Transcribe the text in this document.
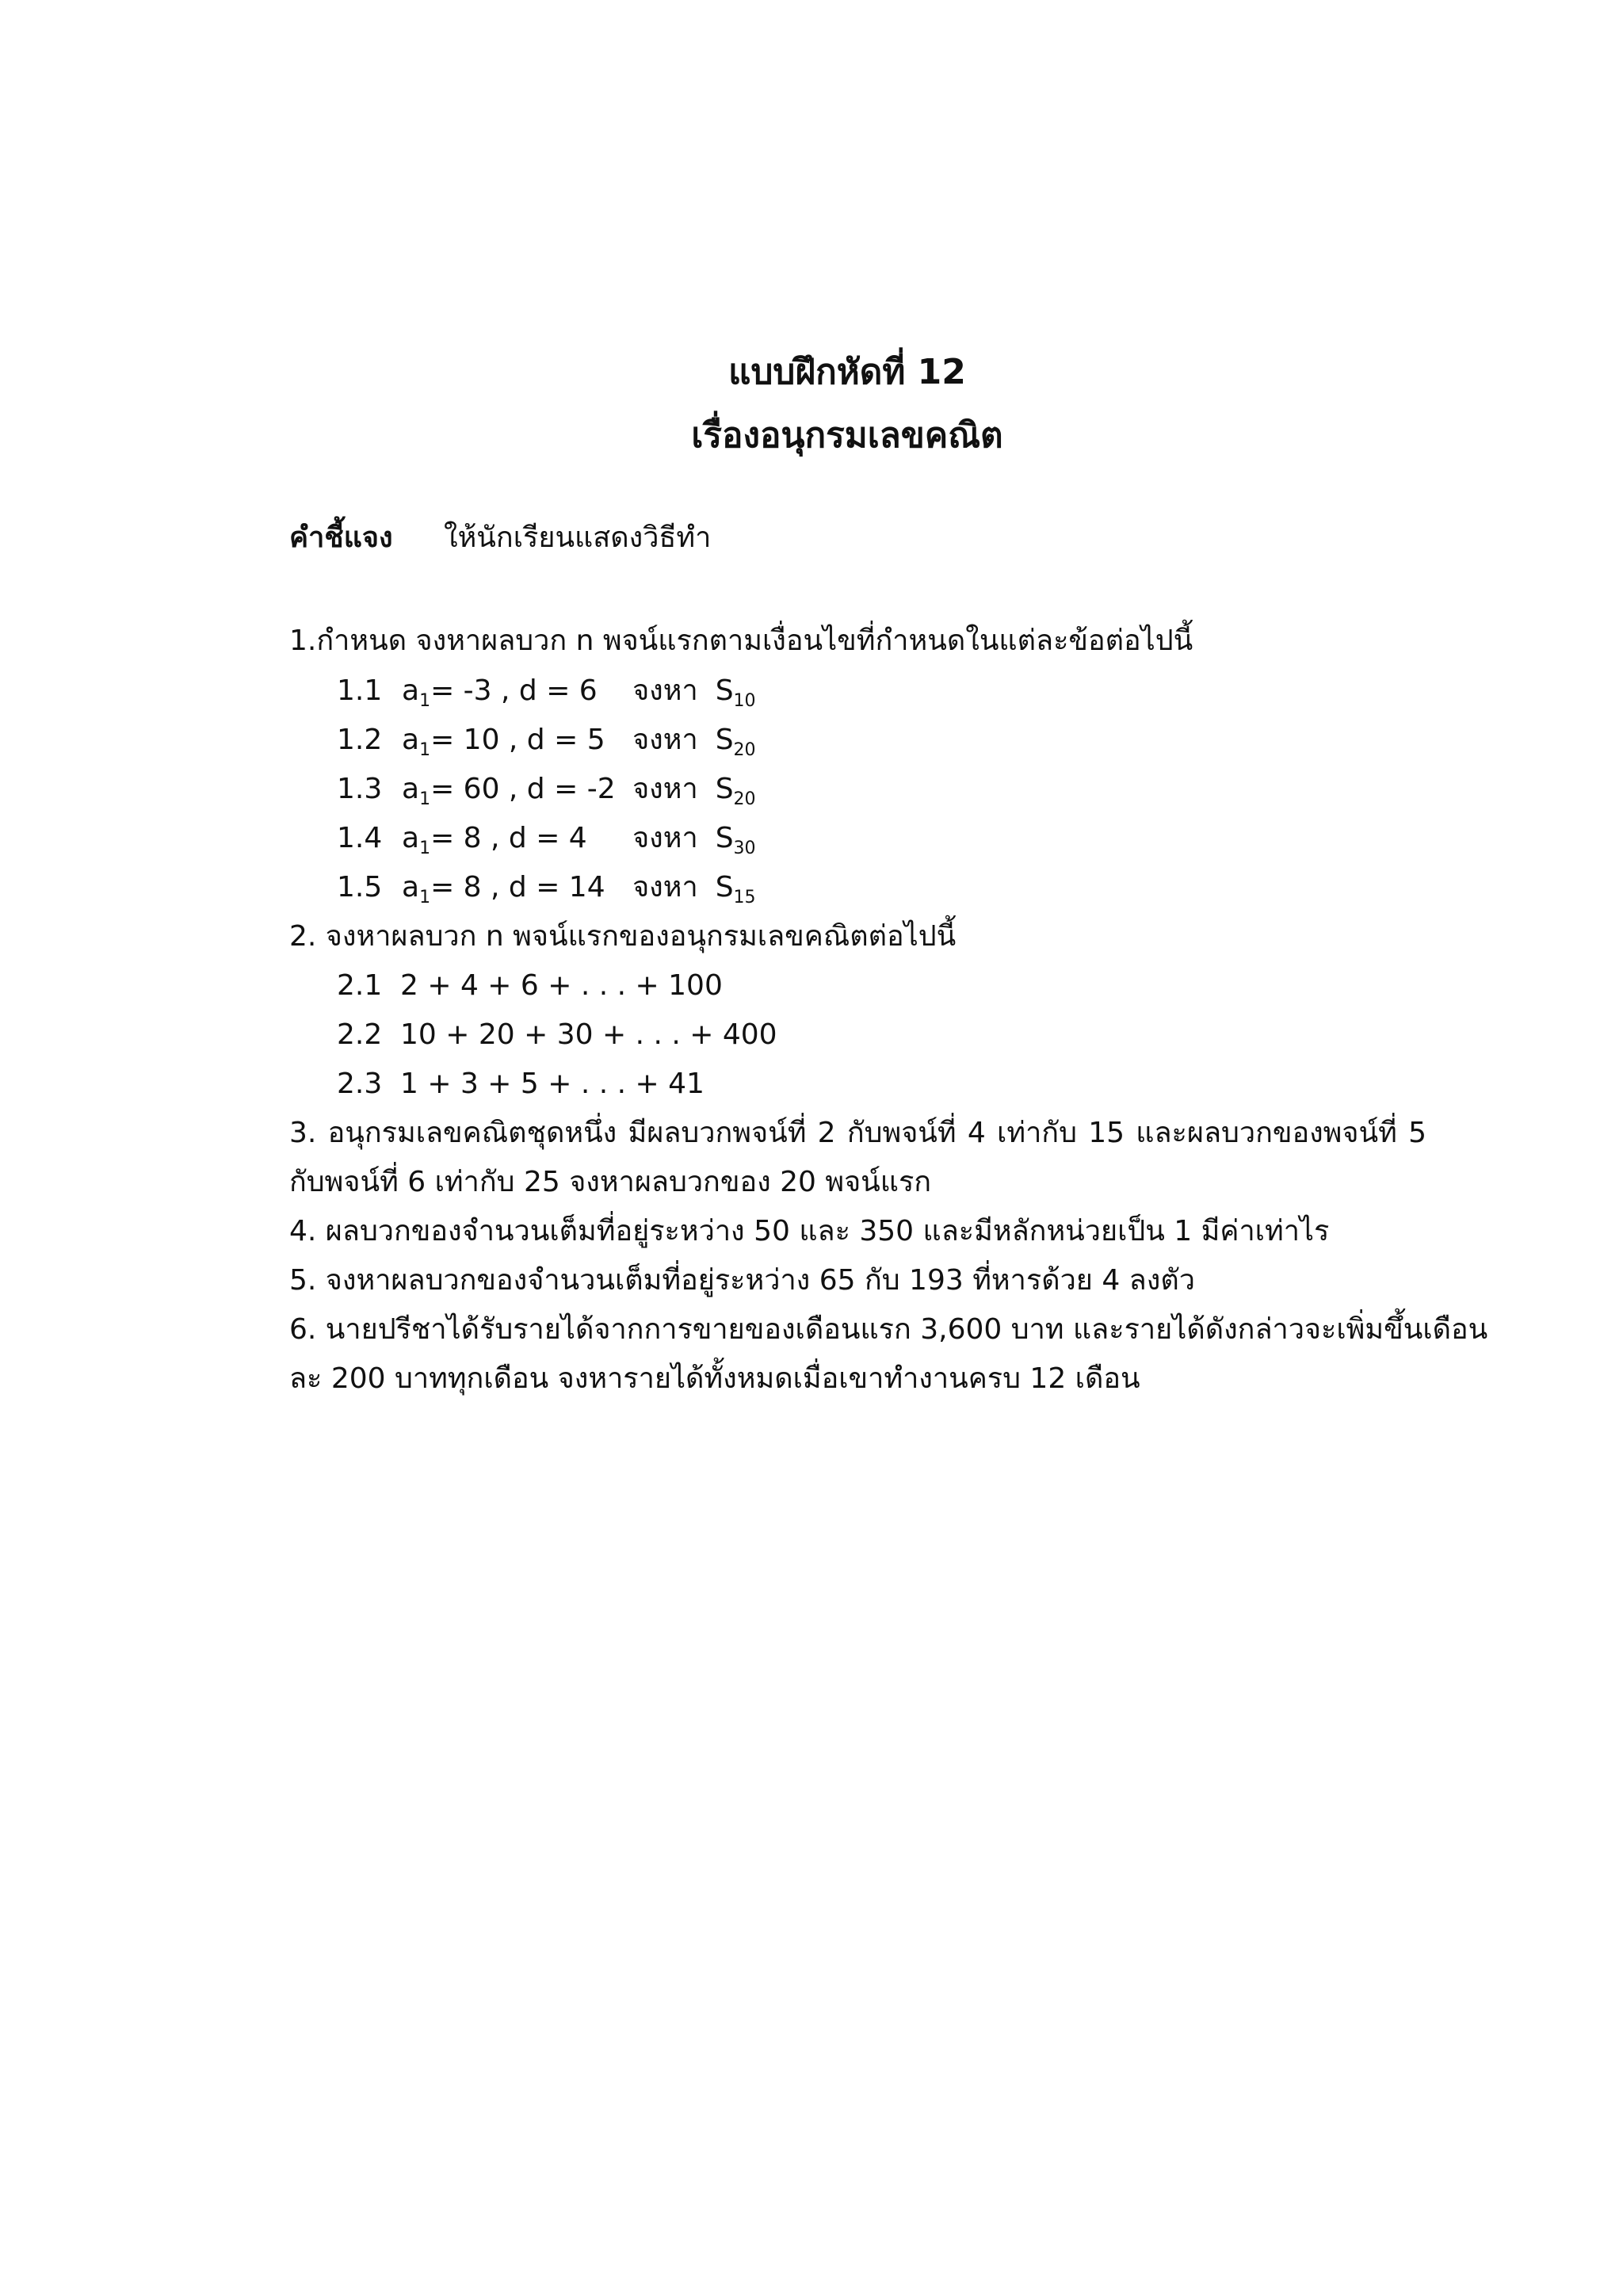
แบบฝึกหัดที่ 12
เรื่องอนุกรมเลขคณิต
คำชี้แจง ให้นักเรียนแสดงวิธีทำ
1.กำหนด จงหาผลบวก n พจน์แรกตามเงื่อนไขที่กำหนดในแต่ละข้อต่อไปนี้
1.1 $a_1= -3$ , d = 6 จงหา $S_{10}$
1.2 $a_1= 10$ , d = 5 จงหา $S_{20}$
1.3 $a_1= 60$ , d = -2 จงหา $S_{20}$
1.4 $a_1= 8$ , d = 4 จงหา $S_{30}$
1.5 $a_1= 8$ , d = 14 จงหา $S_{15}$
2. จงหาผลบวก n พจน์แรกของอนุกรมเลขคณิตต่อไปนี้
2.1 2 + 4 + 6 + . . . + 100
2.2 10 + 20 + 30 + . . . + 400
2.3 1 + 3 + 5 + . . . + 41
3. อนุกรมเลขคณิตชุดหนึ่ง มีผลบวกพจน์ที่ 2 กับพจน์ที่ 4 เท่ากับ 15 และผลบวกของพจน์ที่ 5
กับพจน์ที่ 6 เท่ากับ 25 จงหาผลบวกของ 20 พจน์แรก
4. ผลบวกของจำนวนเต็มที่อยู่ระหว่าง 50 และ 350 และมีหลักหน่วยเป็น 1 มีค่าเท่าไร
5. จงหาผลบวกของจำนวนเต็มที่อยู่ระหว่าง 65 กับ 193 ที่หารด้วย 4 ลงตัว
6. นายปรีชาได้รับรายได้จากการขายของเดือนแรก 3,600 บาท และรายได้ดังกล่าวจะเพิ่มขึ้นเดือน
ละ 200 บาททุกเดือน จงหารายได้ทั้งหมดเมื่อเขาทำงานครบ 12 เดือน
